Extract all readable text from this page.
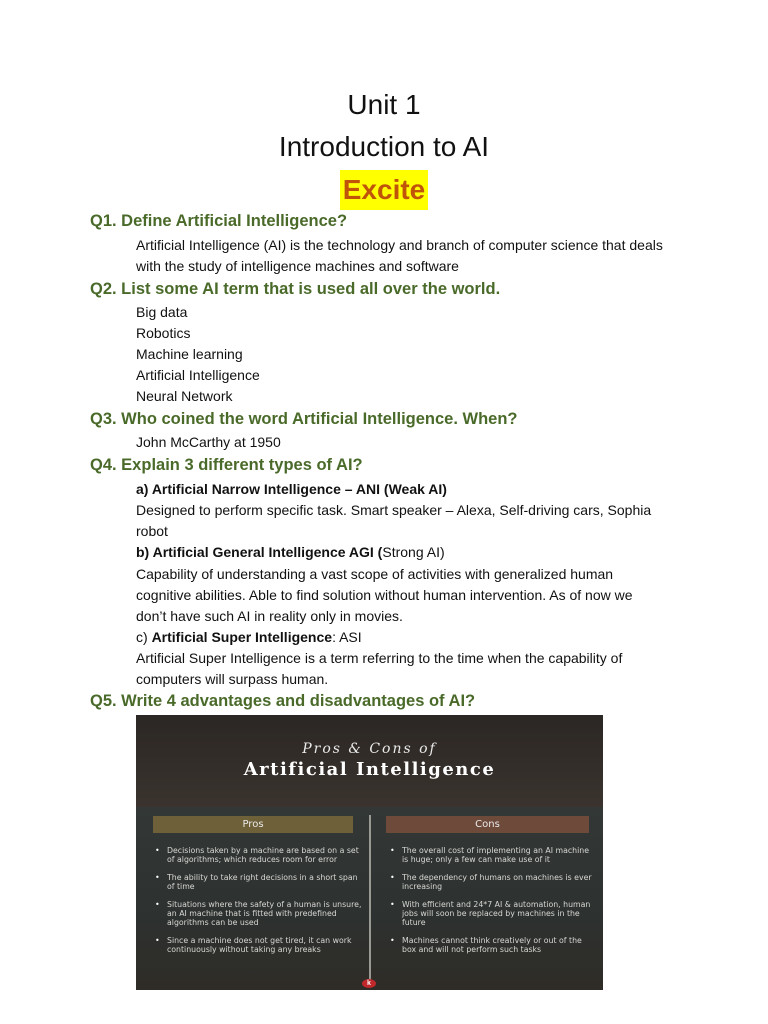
Unit 1
Introduction to AI
Excite
Q1. Define Artificial Intelligence?
Artificial Intelligence (AI) is the technology and branch of computer science that deals
with the study of intelligence machines and software
Q2. List some AI term that is used all over the world.
Big data
Robotics
Machine learning
Artificial Intelligence
Neural Network
Q3. Who coined the word Artificial Intelligence. When?
John McCarthy at 1950
Q4. Explain 3 different types of AI?
a) Artificial Narrow Intelligence – ANI (Weak AI)
Designed to perform specific task. Smart speaker – Alexa, Self-driving cars, Sophia
robot
b) Artificial General Intelligence AGI (Strong AI)
Capability of understanding a vast scope of activities with generalized human
cognitive abilities. Able to find solution without human intervention. As of now we
don’t have such AI in reality only in movies.
c) Artificial Super Intelligence: ASI
Artificial Super Intelligence is a term referring to the time when the capability of
computers will surpass human.
Q5. Write 4 advantages and disadvantages of AI?
Pros & Cons of
Artificial Intelligence
Pros	Cons
• Decisions taken by a machine are based on a set of algorithms; which reduces room for error
• The ability to take right decisions in a short span of time
• Situations where the safety of a human is unsure, an AI machine that is fitted with predefined algorithms can be used
• Since a machine does not get tired, it can work continuously without taking any breaks
• The overall cost of implementing an AI machine is huge; only a few can make use of it
• The dependency of humans on machines is ever increasing
• With efficient and 24*7 AI & automation, human jobs will soon be replaced by machines in the future
• Machines cannot think creatively or out of the box and will not perform such tasks
k
